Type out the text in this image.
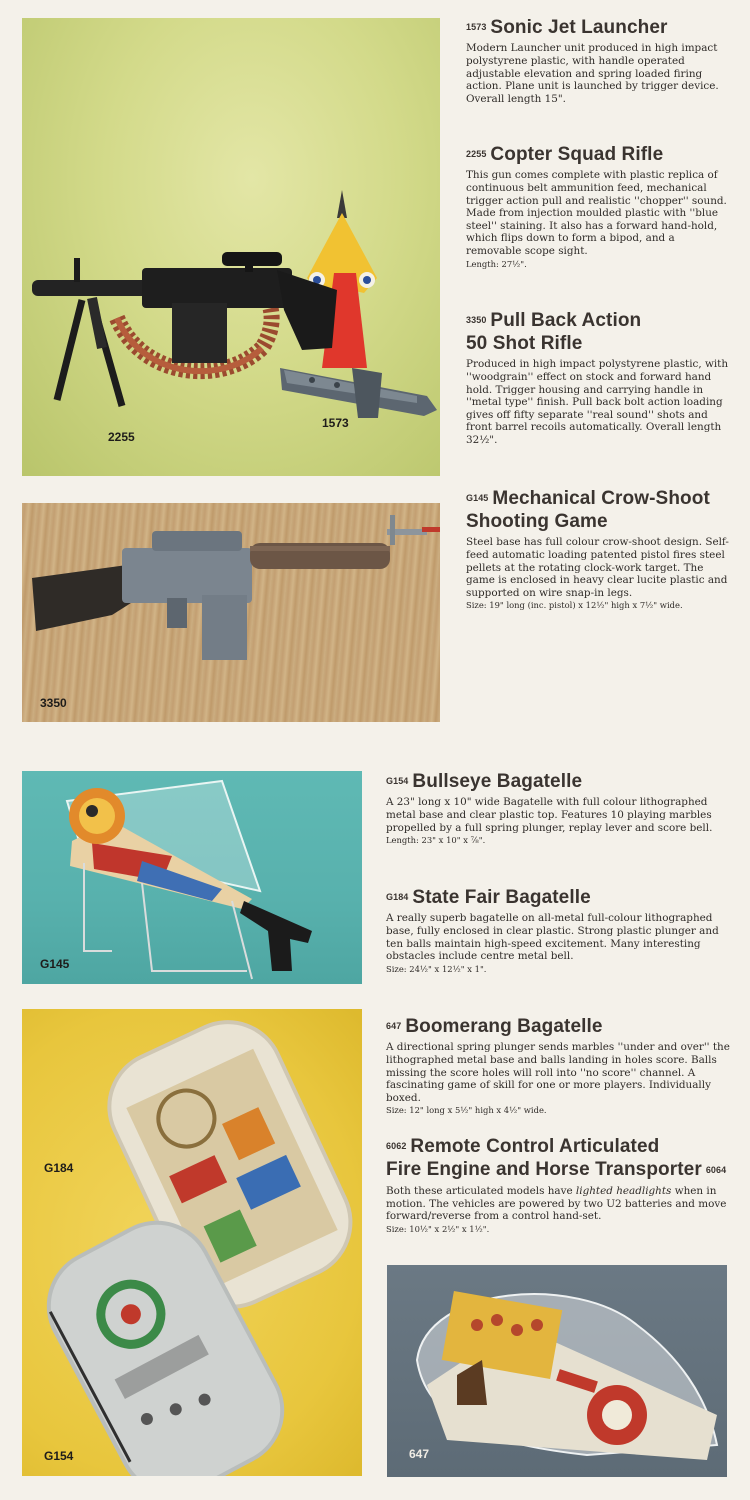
2255
1573
3350
G145
G184
G154	647
1573 Sonic Jet Launcher
Modern Launcher unit produced in high impact polystyrene plastic, with handle operated adjustable elevation and spring loaded firing action. Plane unit is launched by trigger device. Overall length 15".
2255 Copter Squad Rifle
This gun comes complete with plastic replica of continuous belt ammunition feed, mechanical trigger action pull and realistic ''chopper'' sound. Made from injection moulded plastic with ''blue steel'' staining. It also has a forward hand-hold, which flips down to form a bipod, and a removable scope sight.
Length: 27½".
3350 Pull Back Action
50 Shot Rifle
Produced in high impact polystyrene plastic, with ''woodgrain'' effect on stock and forward hand hold. Trigger housing and carrying handle in ''metal type'' finish. Pull back bolt action loading gives off fifty separate ''real sound'' shots and front barrel recoils automatically. Overall length 32½".
G145 Mechanical Crow-Shoot
Shooting Game
Steel base has full colour crow-shoot design. Self-feed automatic loading patented pistol fires steel pellets at the rotating clock-work target. The game is enclosed in heavy clear lucite plastic and supported on wire snap-in legs.
Size: 19" long (inc. pistol) x 12½" high x 7½" wide.
G154 Bullseye Bagatelle
A 23" long x 10" wide Bagatelle with full colour lithographed metal base and clear plastic top. Features 10 playing marbles propelled by a full spring plunger, replay lever and score bell.
Length: 23" x 10" x ⅞".
G184 State Fair Bagatelle
A really superb bagatelle on all-metal full-colour lithographed base, fully enclosed in clear plastic. Strong plastic plunger and ten balls maintain high-speed excitement. Many interesting obstacles include centre metal bell.
Size: 24½" x 12½" x 1".
647 Boomerang Bagatelle
A directional spring plunger sends marbles ''under and over'' the lithographed metal base and balls landing in holes score. Balls missing the score holes will roll into ''no score'' channel. A fascinating game of skill for one or more players. Individually boxed.
Size: 12" long x 5½" high x 4½" wide.
6062 Remote Control Articulated
Fire Engine and Horse Transporter 6064
Both these articulated models have lighted headlights when in motion. The vehicles are powered by two U2 batteries and move forward/reverse from a control hand-set.
Size: 10½" x 2½" x 1½".
